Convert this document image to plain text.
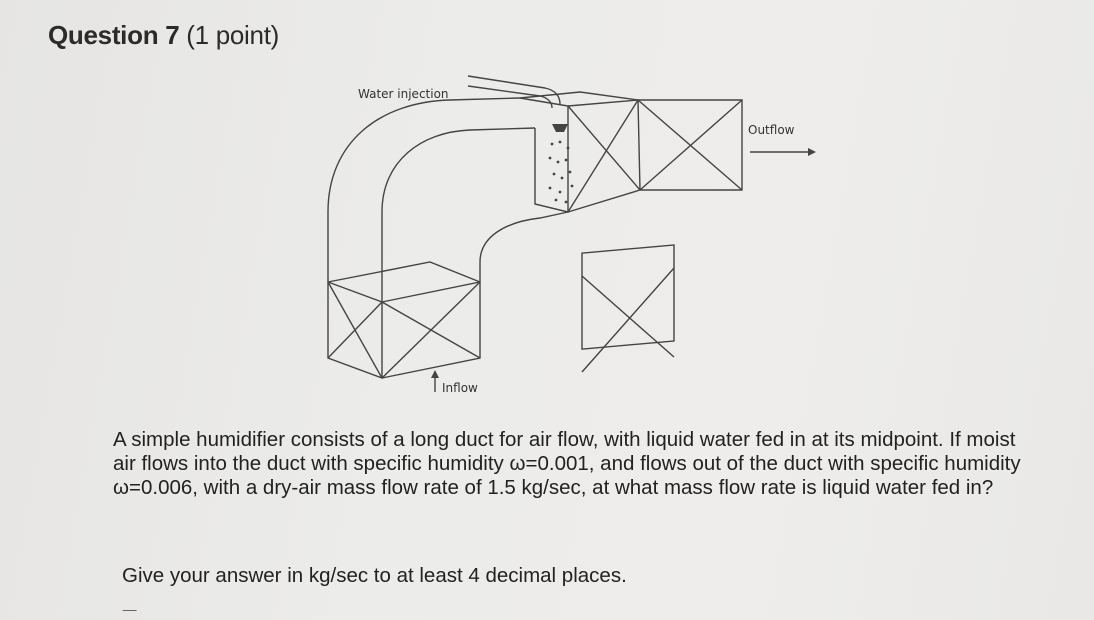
Question 7 (1 point)
Water injection
Outflow
Inflow
A simple humidifier consists of a long duct for air flow, with liquid water fed in at its midpoint. If moist air flows into the duct with specific humidity ω=0.001, and flows out of the duct with specific humidity ω=0.006, with a dry-air mass flow rate of 1.5 kg/sec, at what mass flow rate is liquid water fed in?
Give your answer in kg/sec to at least 4 decimal places.
